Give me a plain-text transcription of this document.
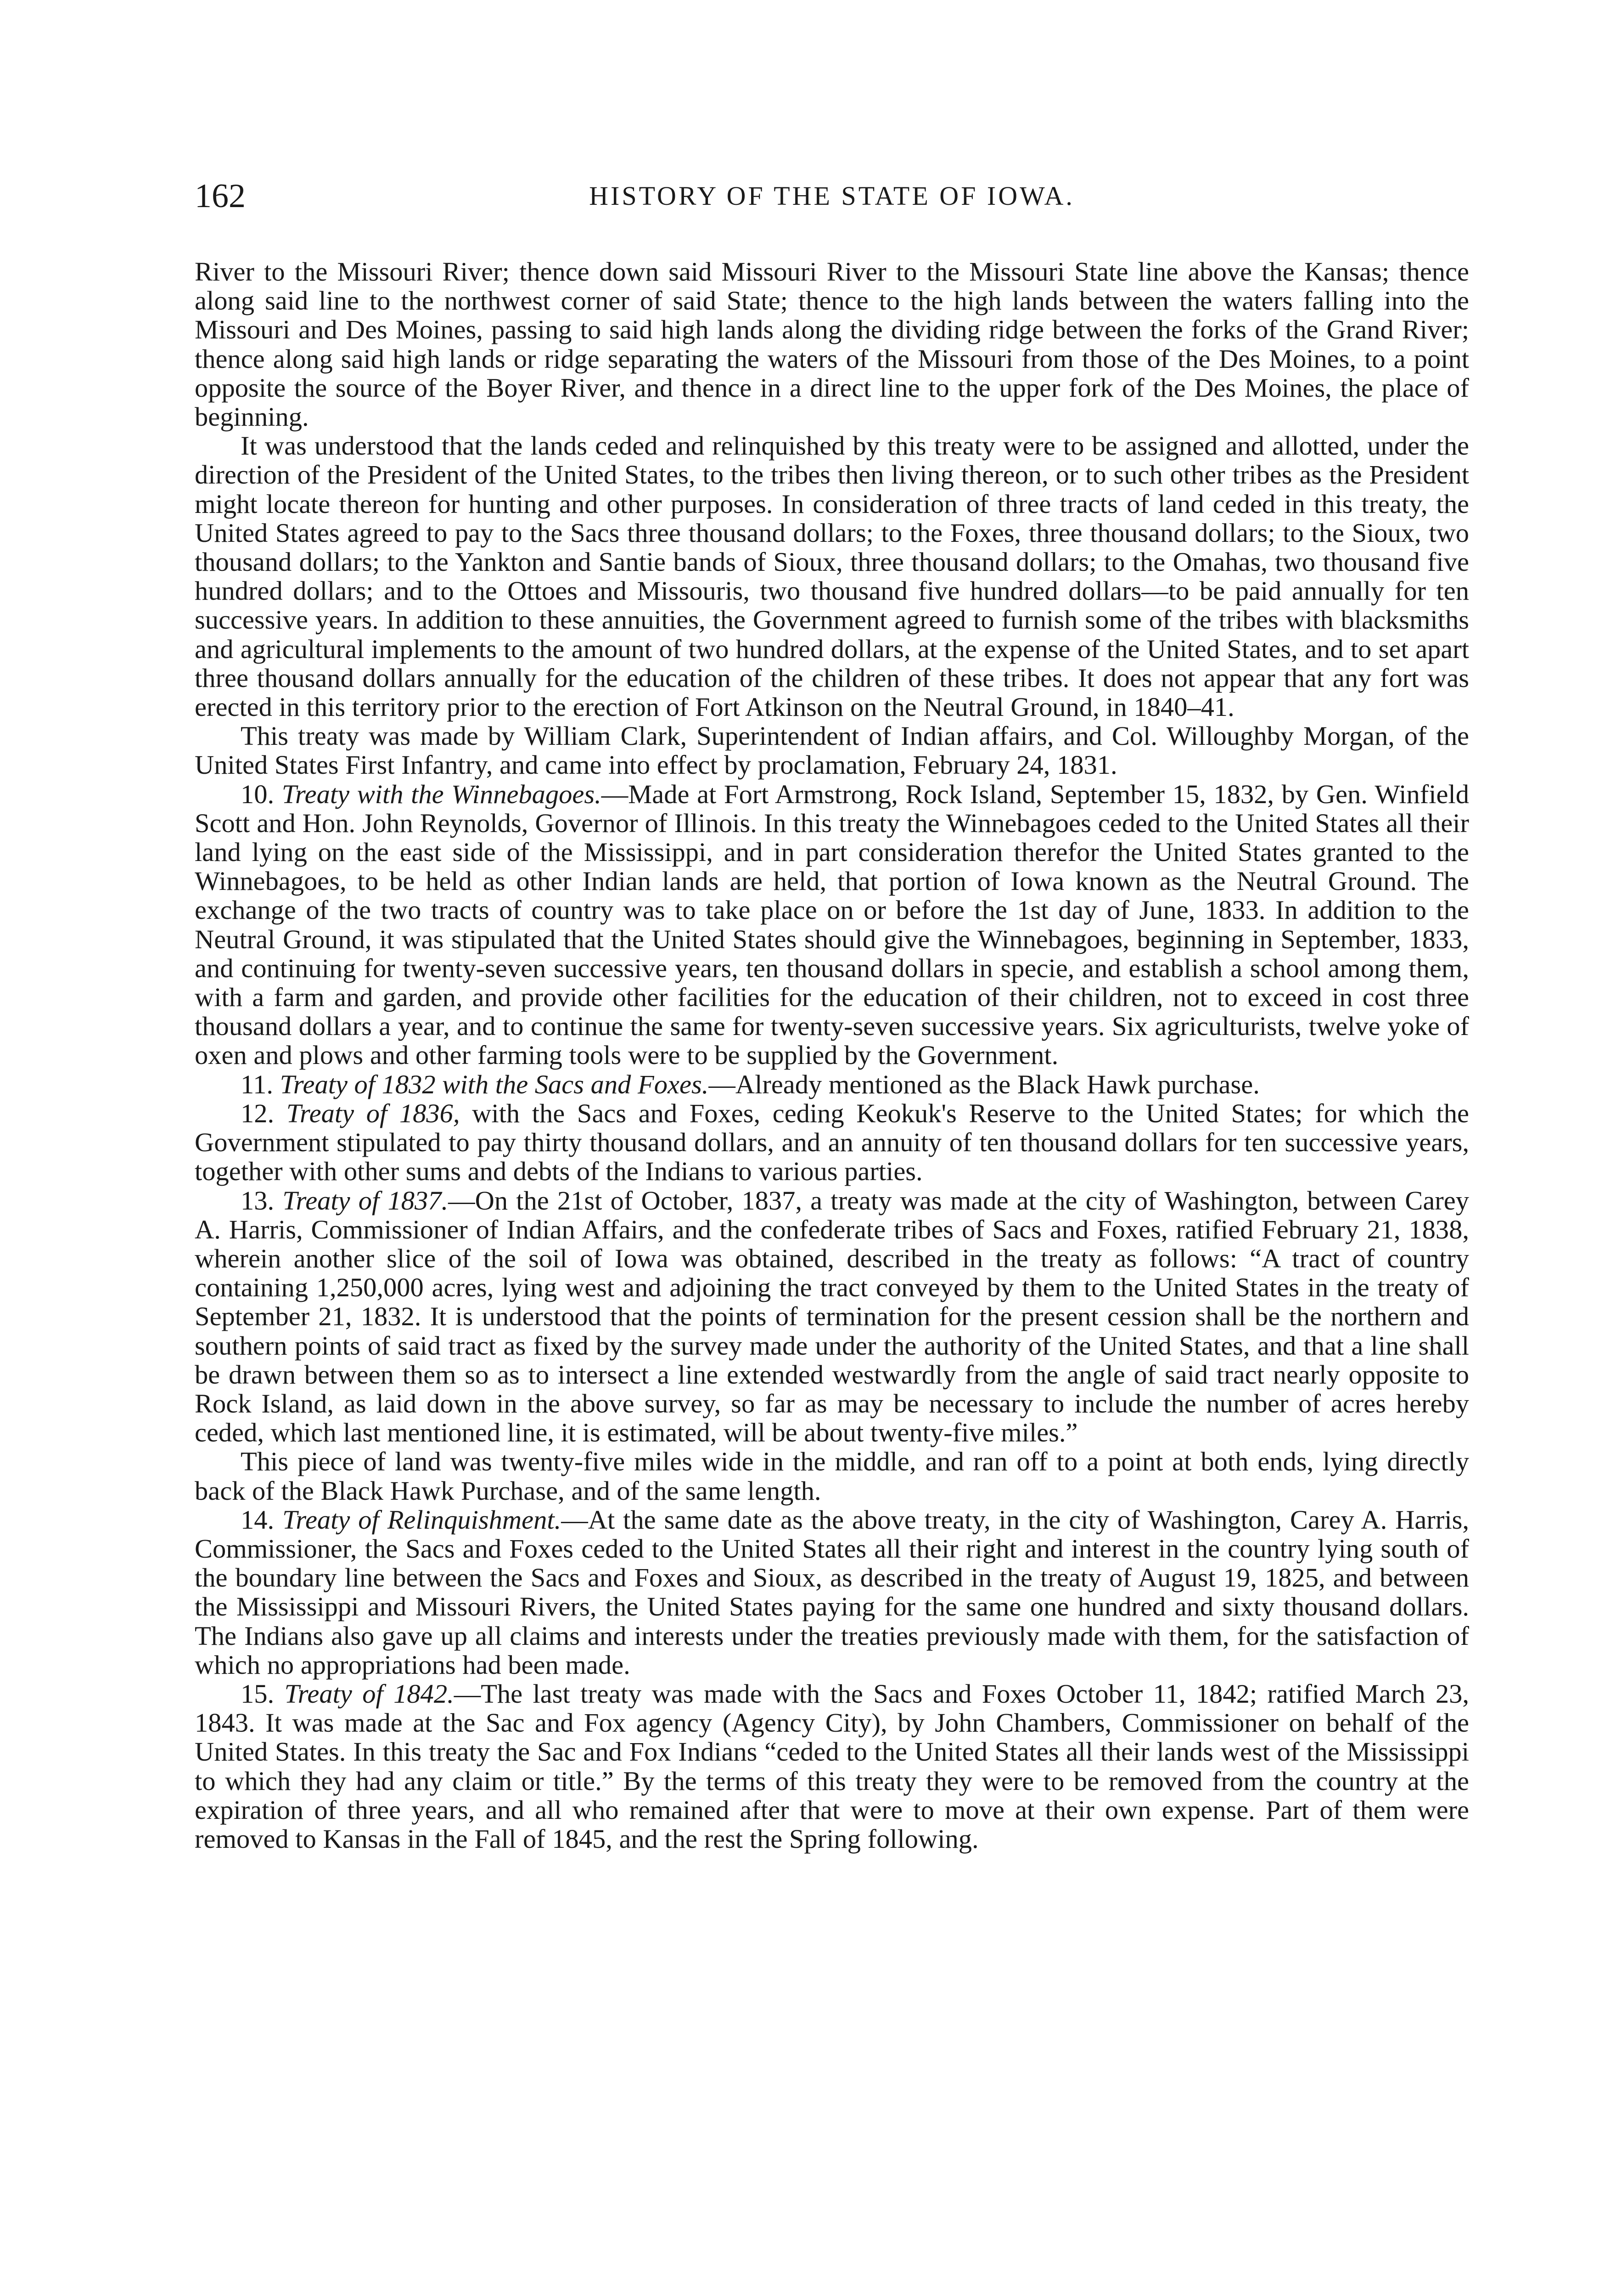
162	HISTORY OF THE STATE OF IOWA.

River to the Missouri River; thence down said Missouri River to the Missouri State line above the Kansas; thence along said line to the northwest corner of said State; thence to the high lands between the waters falling into the Missouri and Des Moines, passing to said high lands along the dividing ridge between the forks of the Grand River; thence along said high lands or ridge separating the waters of the Missouri from those of the Des Moines, to a point opposite the source of the Boyer River, and thence in a direct line to the upper fork of the Des Moines, the place of beginning.

It was understood that the lands ceded and relinquished by this treaty were to be assigned and allotted, under the direction of the President of the United States, to the tribes then living thereon, or to such other tribes as the President might locate thereon for hunting and other purposes. In consideration of three tracts of land ceded in this treaty, the United States agreed to pay to the Sacs three thousand dollars; to the Foxes, three thousand dollars; to the Sioux, two thousand dollars; to the Yankton and Santie bands of Sioux, three thousand dollars; to the Omahas, two thousand five hundred dollars; and to the Ottoes and Missouris, two thousand five hundred dollars—to be paid annually for ten successive years. In addition to these annuities, the Government agreed to furnish some of the tribes with blacksmiths and agricultural implements to the amount of two hundred dollars, at the expense of the United States, and to set apart three thousand dollars annually for the education of the children of these tribes. It does not appear that any fort was erected in this territory prior to the erection of Fort Atkinson on the Neutral Ground, in 1840–41.

This treaty was made by William Clark, Superintendent of Indian affairs, and Col. Willoughby Morgan, of the United States First Infantry, and came into effect by proclamation, February 24, 1831.

10. Treaty with the Winnebagoes.—Made at Fort Armstrong, Rock Island, September 15, 1832, by Gen. Winfield Scott and Hon. John Reynolds, Governor of Illinois. In this treaty the Winnebagoes ceded to the United States all their land lying on the east side of the Mississippi, and in part consideration therefor the United States granted to the Winnebagoes, to be held as other Indian lands are held, that portion of Iowa known as the Neutral Ground. The exchange of the two tracts of country was to take place on or before the 1st day of June, 1833. In addition to the Neutral Ground, it was stipulated that the United States should give the Winnebagoes, beginning in September, 1833, and continuing for twenty-seven successive years, ten thousand dollars in specie, and establish a school among them, with a farm and garden, and provide other facilities for the education of their children, not to exceed in cost three thousand dollars a year, and to continue the same for twenty-seven successive years. Six agriculturists, twelve yoke of oxen and plows and other farming tools were to be supplied by the Government.

11. Treaty of 1832 with the Sacs and Foxes.—Already mentioned as the Black Hawk purchase.

12. Treaty of 1836, with the Sacs and Foxes, ceding Keokuk's Reserve to the United States; for which the Government stipulated to pay thirty thousand dollars, and an annuity of ten thousand dollars for ten successive years, together with other sums and debts of the Indians to various parties.

13. Treaty of 1837.—On the 21st of October, 1837, a treaty was made at the city of Washington, between Carey A. Harris, Commissioner of Indian Affairs, and the confederate tribes of Sacs and Foxes, ratified February 21, 1838, wherein another slice of the soil of Iowa was obtained, described in the treaty as follows: “A tract of country containing 1,250,000 acres, lying west and adjoining the tract conveyed by them to the United States in the treaty of September 21, 1832. It is understood that the points of termination for the present cession shall be the northern and southern points of said tract as fixed by the survey made under the authority of the United States, and that a line shall be drawn between them so as to intersect a line extended westwardly from the angle of said tract nearly opposite to Rock Island, as laid down in the above survey, so far as may be necessary to include the number of acres hereby ceded, which last mentioned line, it is estimated, will be about twenty-five miles.”

This piece of land was twenty-five miles wide in the middle, and ran off to a point at both ends, lying directly back of the Black Hawk Purchase, and of the same length.

14. Treaty of Relinquishment.—At the same date as the above treaty, in the city of Washington, Carey A. Harris, Commissioner, the Sacs and Foxes ceded to the United States all their right and interest in the country lying south of the boundary line between the Sacs and Foxes and Sioux, as described in the treaty of August 19, 1825, and between the Mississippi and Missouri Rivers, the United States paying for the same one hundred and sixty thousand dollars. The Indians also gave up all claims and interests under the treaties previously made with them, for the satisfaction of which no appropriations had been made.

15. Treaty of 1842.—The last treaty was made with the Sacs and Foxes October 11, 1842; ratified March 23, 1843. It was made at the Sac and Fox agency (Agency City), by John Chambers, Commissioner on behalf of the United States. In this treaty the Sac and Fox Indians “ceded to the United States all their lands west of the Mississippi to which they had any claim or title.” By the terms of this treaty they were to be removed from the country at the expiration of three years, and all who remained after that were to move at their own expense. Part of them were removed to Kansas in the Fall of 1845, and the rest the Spring following.
